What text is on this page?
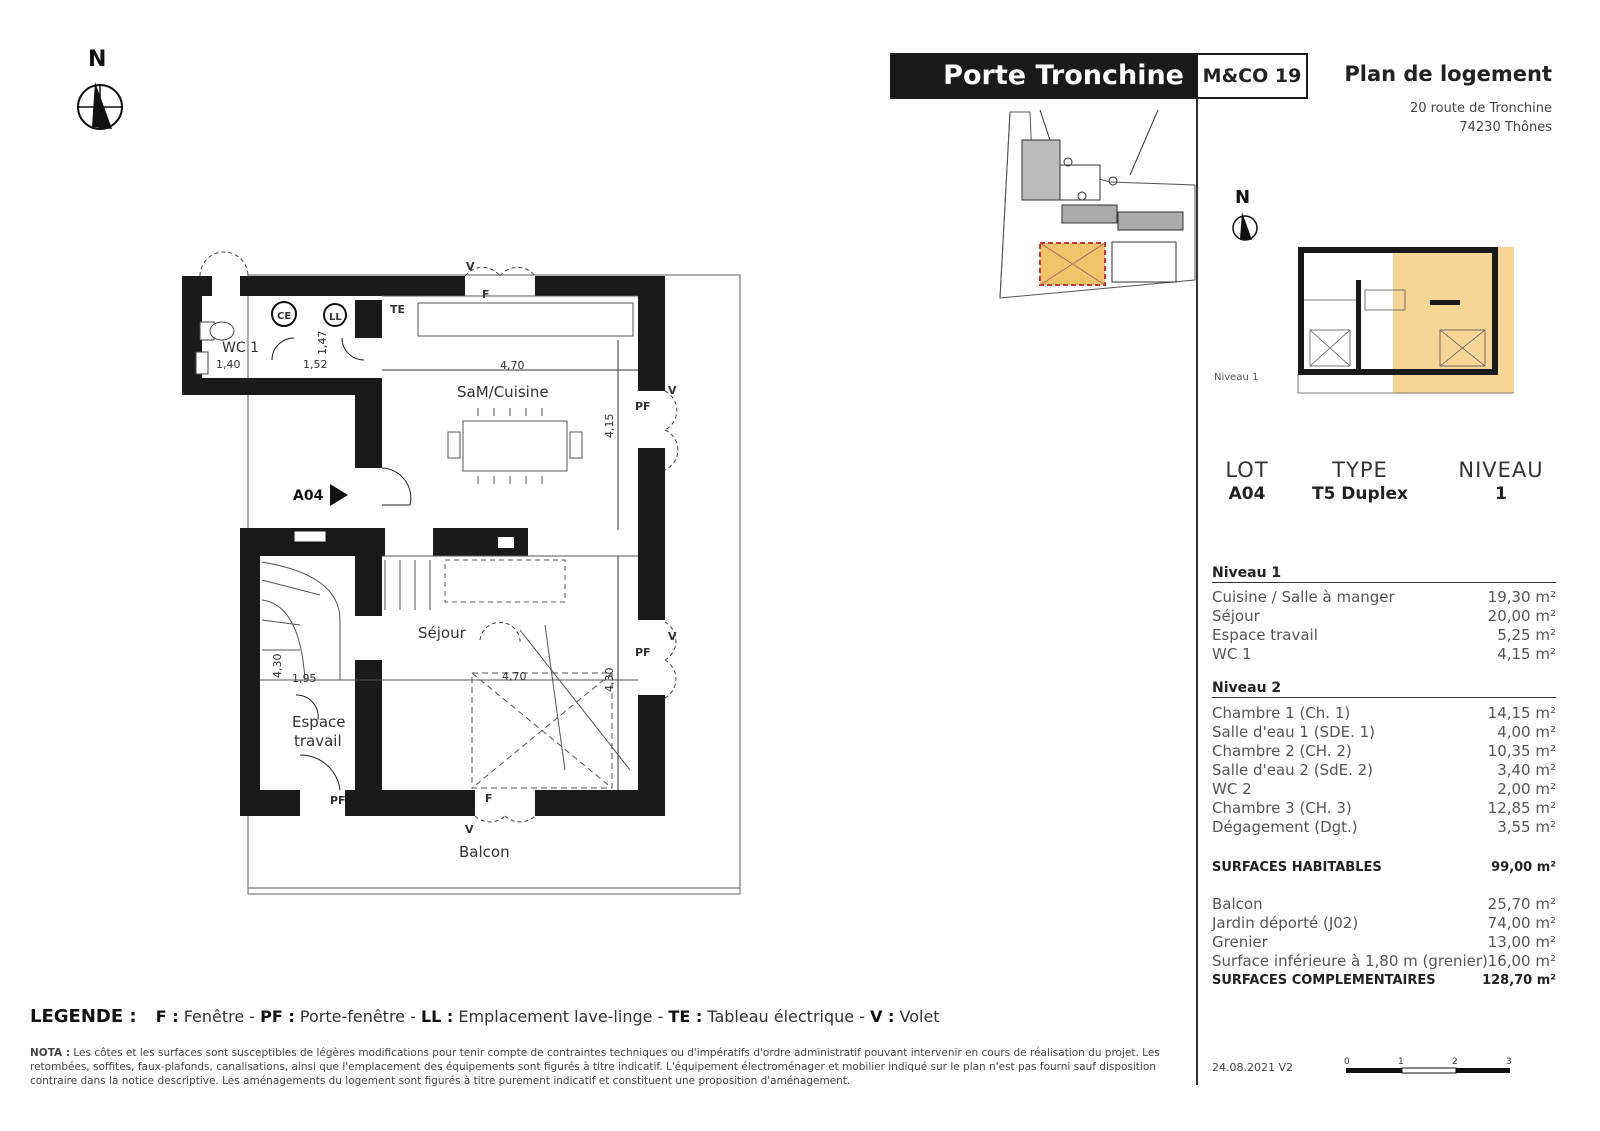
N
WC 1
CE	LL
TE
SaM/Cuisine
Séjour
Espace
travail
Balcon
A04
V
F
V
PF
V
PF
F
V
PF
1,40	1,52	4,70
4,70
1,95
1,47
4,15
4,30
4,30
N
Niveau 1
0	1	2	3
Porte Tronchine M&CO 19	Plan de logement
20 route de Tronchine
74230 Thônes
LOT
A04
TYPE
T5 Duplex
NIVEAU
1
Niveau 1
Cuisine / Salle à manger	19,30 m²
Séjour	20,00 m²
Espace travail	5,25 m²
WC 1	4,15 m²
Niveau 2
Chambre 1 (Ch. 1)	14,15 m²
Salle d'eau 1 (SDE. 1)	4,00 m²
Chambre 2 (CH. 2)	10,35 m²
Salle d'eau 2 (SdE. 2)	3,40 m²
WC 2	2,00 m²
Chambre 3 (CH. 3)	12,85 m²
Dégagement (Dgt.)	3,55 m²
SURFACES HABITABLES	99,00 m²
Balcon	25,70 m²
Jardin déporté (J02)	74,00 m²
Grenier	13,00 m²
Surface inférieure à 1,80 m (grenier) 16,00 m²
SURFACES COMPLEMENTAIRES	128,70 m²
LEGENDE : F : Fenêtre - PF : Porte-fenêtre - LL : Emplacement lave-linge - TE : Tableau électrique - V : Volet
NOTA : Les côtes et les surfaces sont susceptibles de légères modifications pour tenir compte de contraintes techniques ou d'impératifs d'ordre administratif pouvant intervenir en cours de réalisation du projet. Les retombées, soffites, faux-plafonds, canalisations, ainsi que l'emplacement des équipements sont figurés à titre indicatif. L'équipement électroménager et mobilier indiqué sur le plan n'est pas fourni sauf disposition contraire dans la notice descriptive. Les aménagements du logement sont figurés à titre purement indicatif et constituent une proposition d'aménagement.
24.08.2021 V2
